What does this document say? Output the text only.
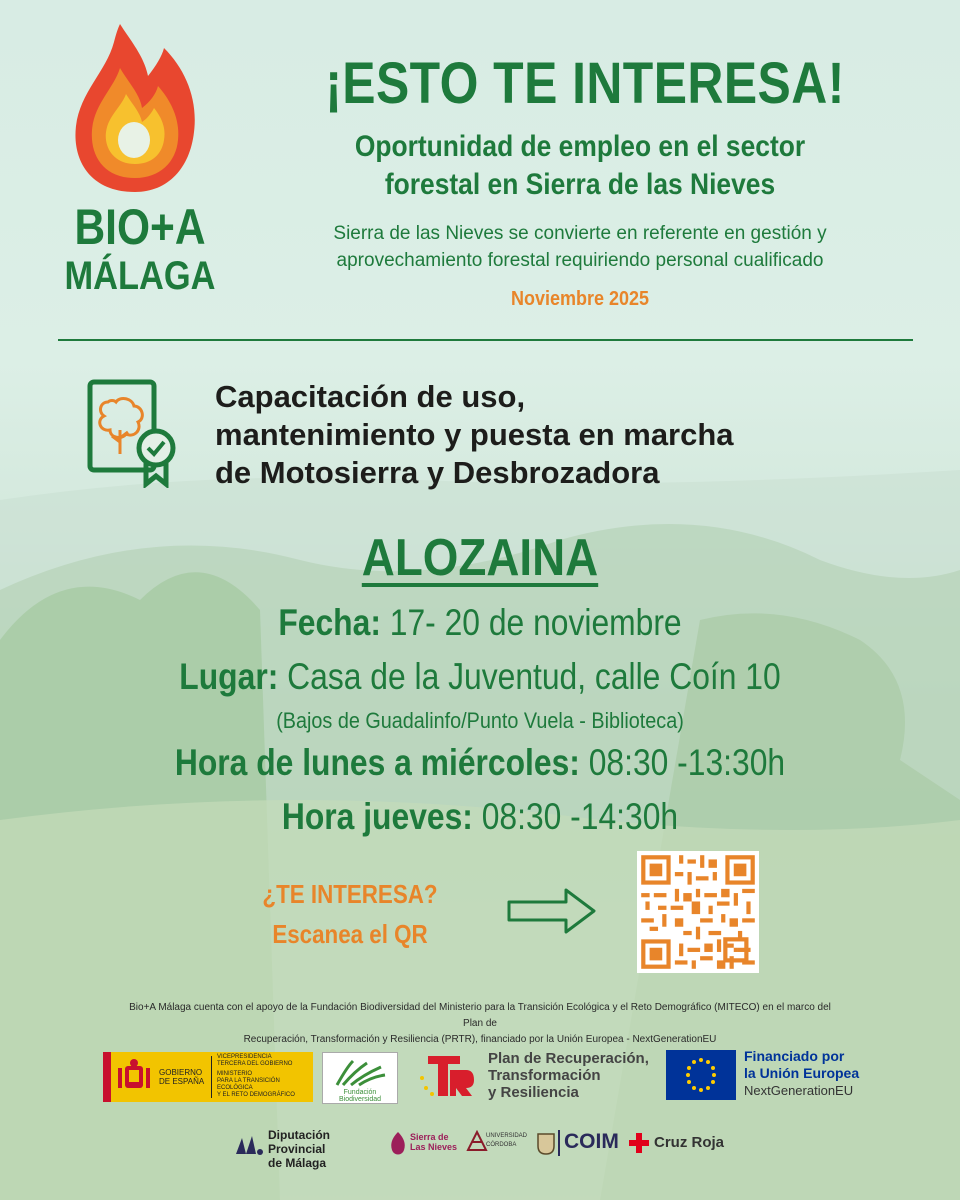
BIO+A
MÁLAGA
¡ESTO TE INTERESA!
Oportunidad de empleo en el sector
forestal en Sierra de las Nieves
Sierra de las Nieves se convierte en referente en gestión y
aprovechamiento forestal requiriendo personal cualificado
Noviembre 2025
Capacitación de uso,
mantenimiento y puesta en marcha
de Motosierra y Desbrozadora
ALOZAINA
Fecha: 17- 20 de noviembre
Lugar: Casa de la Juventud, calle Coín 10
(Bajos de Guadalinfo/Punto Vuela - Biblioteca)
Hora de lunes a miércoles: 08:30 -13:30h
Hora jueves: 08:30 -14:30h
¿TE INTERESA?
Escanea el QR
Bio+A Málaga cuenta con el apoyo de la Fundación Biodiversidad del Ministerio para la Transición Ecológica y el Reto Demográfico (MITECO) en el marco del Plan de
Recuperación, Transformación y Resiliencia (PRTR), financiado por la Unión Europea - NextGenerationEU
GOBIERNO
DE ESPAÑA
VICEPRESIDENCIA
TERCERA DEL GOBIERNO
MINISTERIO
PARA LA TRANSICIÓN ECOLÓGICA
Y EL RETO DEMOGRÁFICO	Fundación Biodiversidad
Plan de Recuperación,
Transformación
y Resiliencia
Financiado por
la Unión Europea
NextGenerationEU
Diputación Provincial
de Málaga
Sierra de
Las Nieves
UNIVERSIDAD
CÓRDOBA	COIM Cruz Roja
